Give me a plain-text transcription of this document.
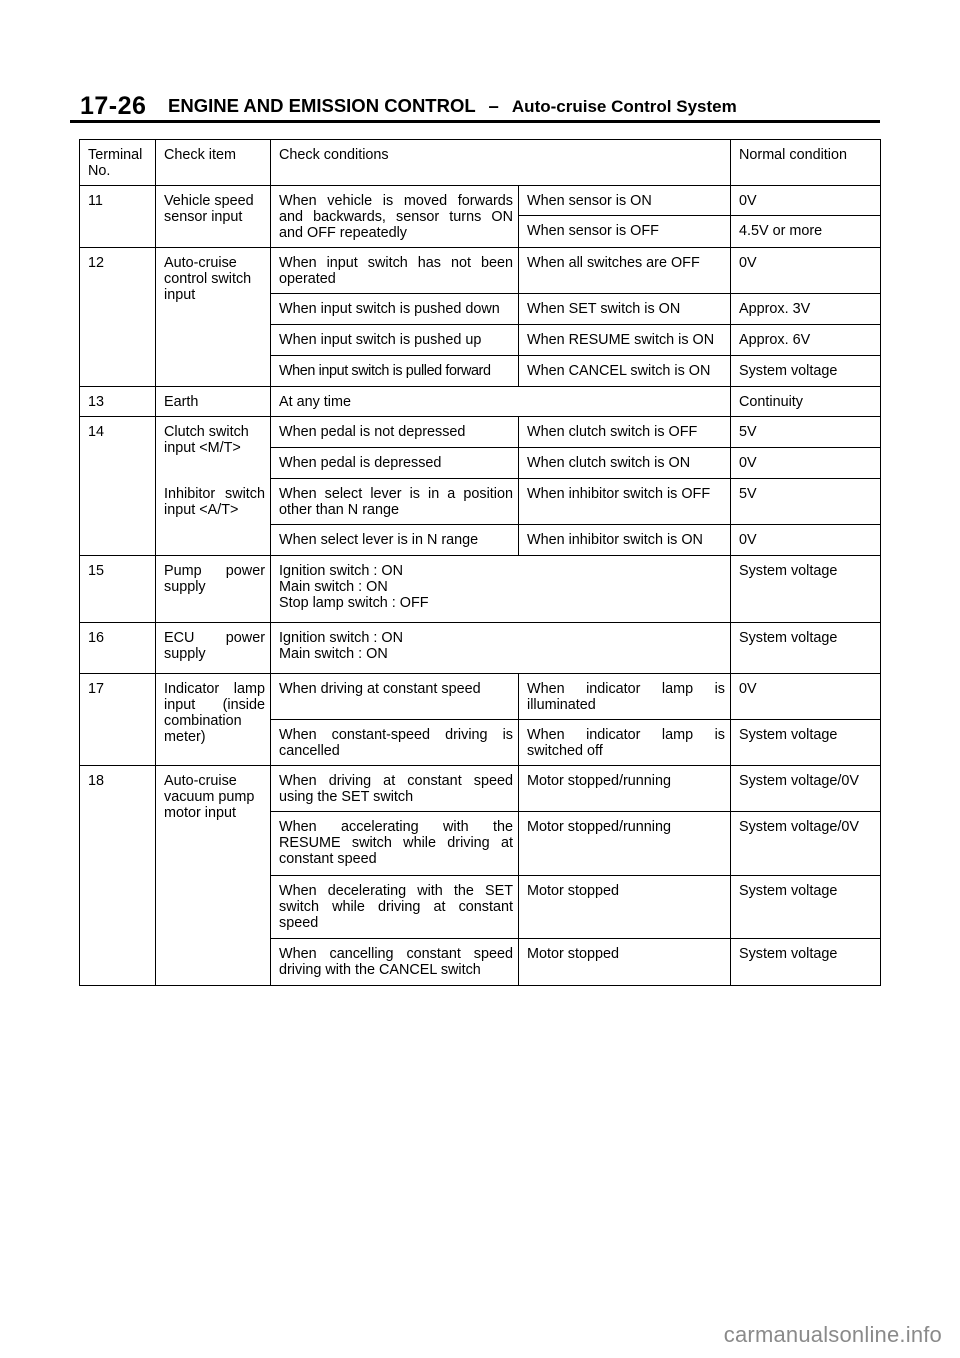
17-26 ENGINE AND EMISSION CONTROL – Auto-cruise Control System
Terminal No.	Check item	Check conditions		Normal condition
11	Vehicle speed sensor input	When vehicle is moved forwards and backwards, sensor turns ON and OFF repeatedly	When sensor is ON	0V
			When sensor is OFF	4.5V or more
12	Auto-cruise control switch input	When input switch has not been operated	When all switches are OFF	0V
		When input switch is pushed down	When SET switch is ON	Approx. 3V
		When input switch is pushed up	When RESUME switch is ON	Approx. 6V
		When input switch is pulled forward	When CANCEL switch is ON	System voltage
13	Earth	At any time		Continuity
14	Clutch switch input <M/T>	When pedal is not depressed	When clutch switch is OFF	5V
		When pedal is depressed	When clutch switch is ON	0V
	Inhibitor switch input <A/T>	When select lever is in a position other than N range	When inhibitor switch is OFF	5V
		When select lever is in N range	When inhibitor switch is ON	0V
15	Pump power supply	Ignition switch : ON
Main switch : ON
Stop lamp switch : OFF		System voltage
16	ECU power supply	Ignition switch : ON
Main switch : ON		System voltage
17	Indicator lamp input (inside combination meter)	When driving at constant speed	When indicator lamp is illuminated	0V
		When constant-speed driving is cancelled	When indicator lamp is switched off	System voltage
18	Auto-cruise vacuum pump motor input	When driving at constant speed using the SET switch	Motor stopped/running	System voltage/0V
		When accelerating with the RESUME switch while driving at constant speed	Motor stopped/running	System voltage/0V
		When decelerating with the SET switch while driving at constant speed	Motor stopped	System voltage
		When cancelling constant speed driving with the CANCEL switch	Motor stopped	System voltage
carmanualsonline.info
